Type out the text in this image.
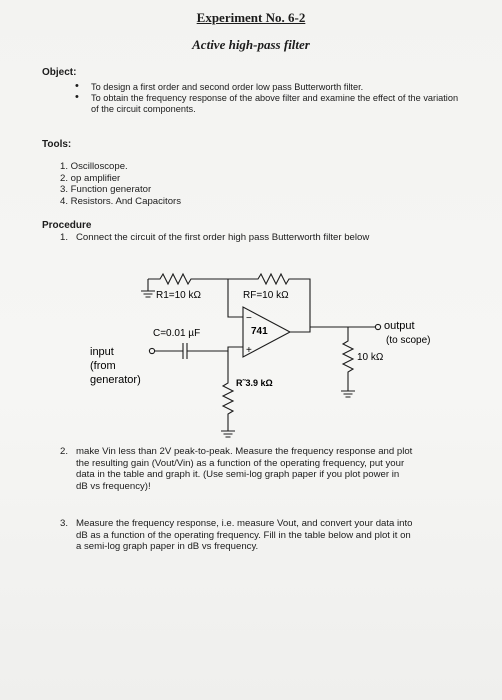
Experiment No. 6-2
Active high-pass filter
Object:
• To design a first order and second order low pass Butterworth filter.
• To obtain the frequency response of the above filter and examine the effect of the variation of the circuit components.
Tools:
1. Oscilloscope.
2. op amplifier
3. Function generator
4. Resistors. And Capacitors
Procedure
1. Connect the circuit of the first order high pass Butterworth filter below
−
+
741
R1=10 kΩ	RF=10 kΩ
C=0.01 µF
input
(from
generator)	R˜3.9 kΩ
output
(to scope)
10 kΩ
2. make Vin less than 2V peak-to-peak. Measure the frequency response and plot
the resulting gain (Vout/Vin) as a function of the operating frequency, put your
data in the table and graph it. (Use semi-log graph paper if you plot power in
dB vs frequency)!
3. Measure the frequency response, i.e. measure Vout, and convert your data into
dB as a function of the operating frequency. Fill in the table below and plot it on
a semi-log graph paper in dB vs frequency.
